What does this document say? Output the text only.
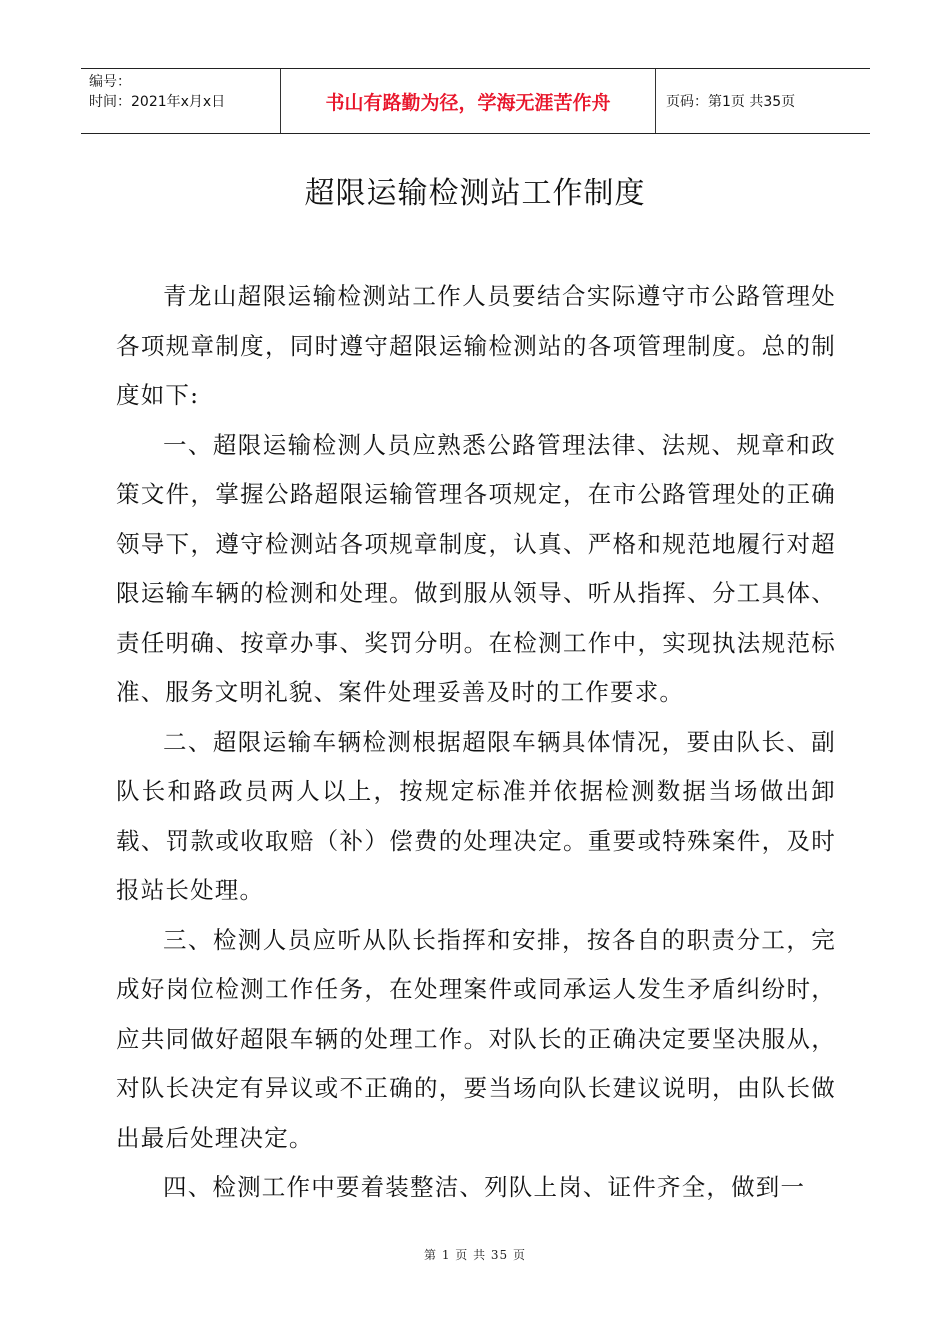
编号：
时间：2021年x月x日	书山有路勤为径，学海无涯苦作舟	页码：第1页 共35页
超限运输检测站工作制度

青龙山超限运输检测站工作人员要结合实际遵守市公路管理处各项规章制度，同时遵守超限运输检测站的各项管理制度。总的制度如下:

一、超限运输检测人员应熟悉公路管理法律、法规、规章和政策文件，掌握公路超限运输管理各项规定，在市公路管理处的正确领导下，遵守检测站各项规章制度，认真、严格和规范地履行对超限运输车辆的检测和处理。做到服从领导、听从指挥、分工具体、责任明确、按章办事、奖罚分明。在检测工作中，实现执法规范标准、服务文明礼貌、案件处理妥善及时的工作要求。

二、超限运输车辆检测根据超限车辆具体情况，要由队长、副队长和路政员两人以上，按规定标准并依据检测数据当场做出卸载、罚款或收取赔（补）偿费的处理决定。重要或特殊案件，及时报站长处理。

三、检测人员应听从队长指挥和安排，按各自的职责分工，完成好岗位检测工作任务，在处理案件或同承运人发生矛盾纠纷时，应共同做好超限车辆的处理工作。对队长的正确决定要坚决服从，对队长决定有异议或不正确的，要当场向队长建议说明，由队长做出最后处理决定。

四、检测工作中要着装整洁、列队上岗、证件齐全，做到一

第 1 页 共 35 页
